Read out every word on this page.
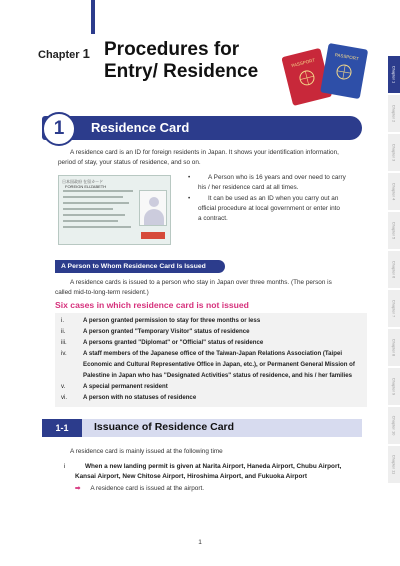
Chapter 1 Procedures for
Entry/ Residence	PASSPORT
PASSPORT
Chapter 1
Chapter 2
Chapter 3
Chapter 4
Chapter 5
Chapter 6
Chapter 7
Chapter 8
Chapter 9
Chapter 10
Chapter 11
1	Residence Card
A residence card is an ID for foreign residents in Japan. It shows your identification information,
period of stay, your status of residence, and so on.
日本国政府 在留カード
FOREIGN ELIZABETH
• A Person who is 16 years and over need to carry
his / her residence card at all times.
• It can be used as an ID when you carry out an
official procedure at local government or enter into
a contract.
A Person to Whom Residence Card Is Issued
A residence cards is issued to a person who stay in Japan over three months. (The person is
called mid-to-long-term resident.)
Six cases in which residence card is not issued
i.	A person granted permission to stay for three months or less
ii.	A person granted "Temporary Visitor" status of residence
iii.	A persons granted "Diplomat" or "Official" status of residence
iv.	A staff members of the Japanese office of the Taiwan-Japan Relations Association (Taipei
Economic and Cultural Representative Office in Japan, etc.), or Permanent General Mission of
Palestine in Japan who has "Designated Activities" status of residence, and his / her families
v.	A special permanent resident
vi.	A person with no statuses of residence
1-1	Issuance of Residence Card
A residence card is mainly issued at the following time
i	When a new landing permit is given at Narita Airport, Haneda Airport, Chubu Airport,
Kansai Airport, New Chitose Airport, Hiroshima Airport, and Fukuoka Airport
➡ A residence card is issued at the airport.
1
